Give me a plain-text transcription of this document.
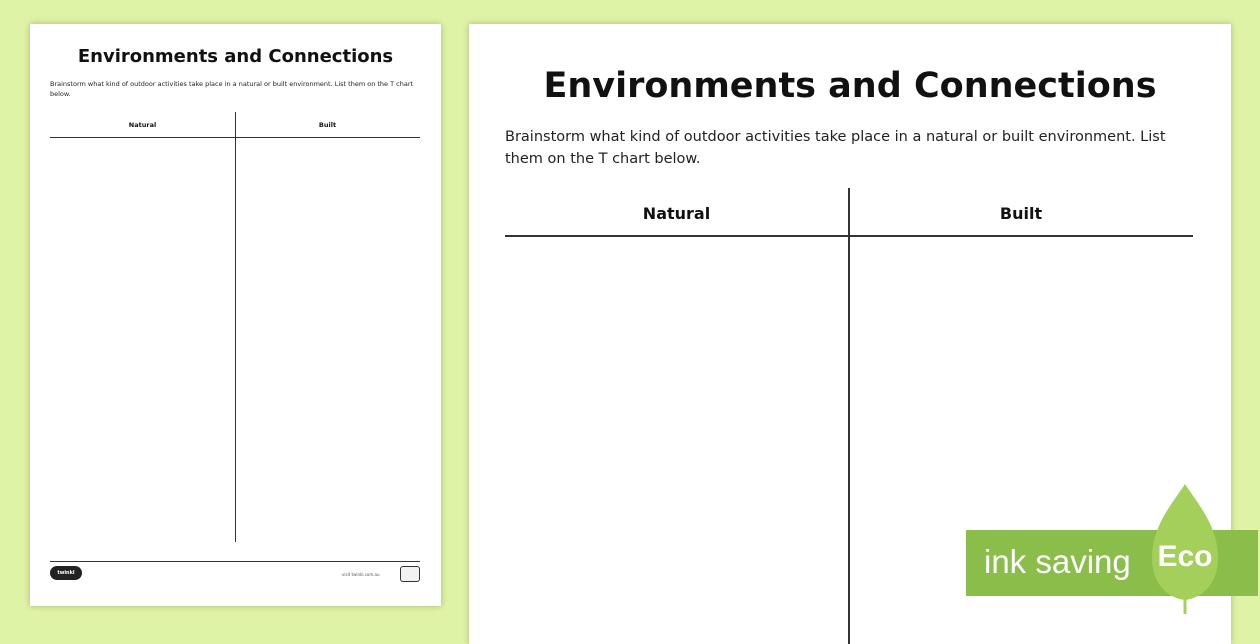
Environments and Connections

Brainstorm what kind of outdoor activities take place in a natural or built environment. List them on the T chart below.

Natural	Built
twinkl	visit twinkl.com.au
Environments and Connections

Brainstorm what kind of outdoor activities take place in a natural or built environment. List them on the T chart below.

Natural	Built
ink saving Eco
